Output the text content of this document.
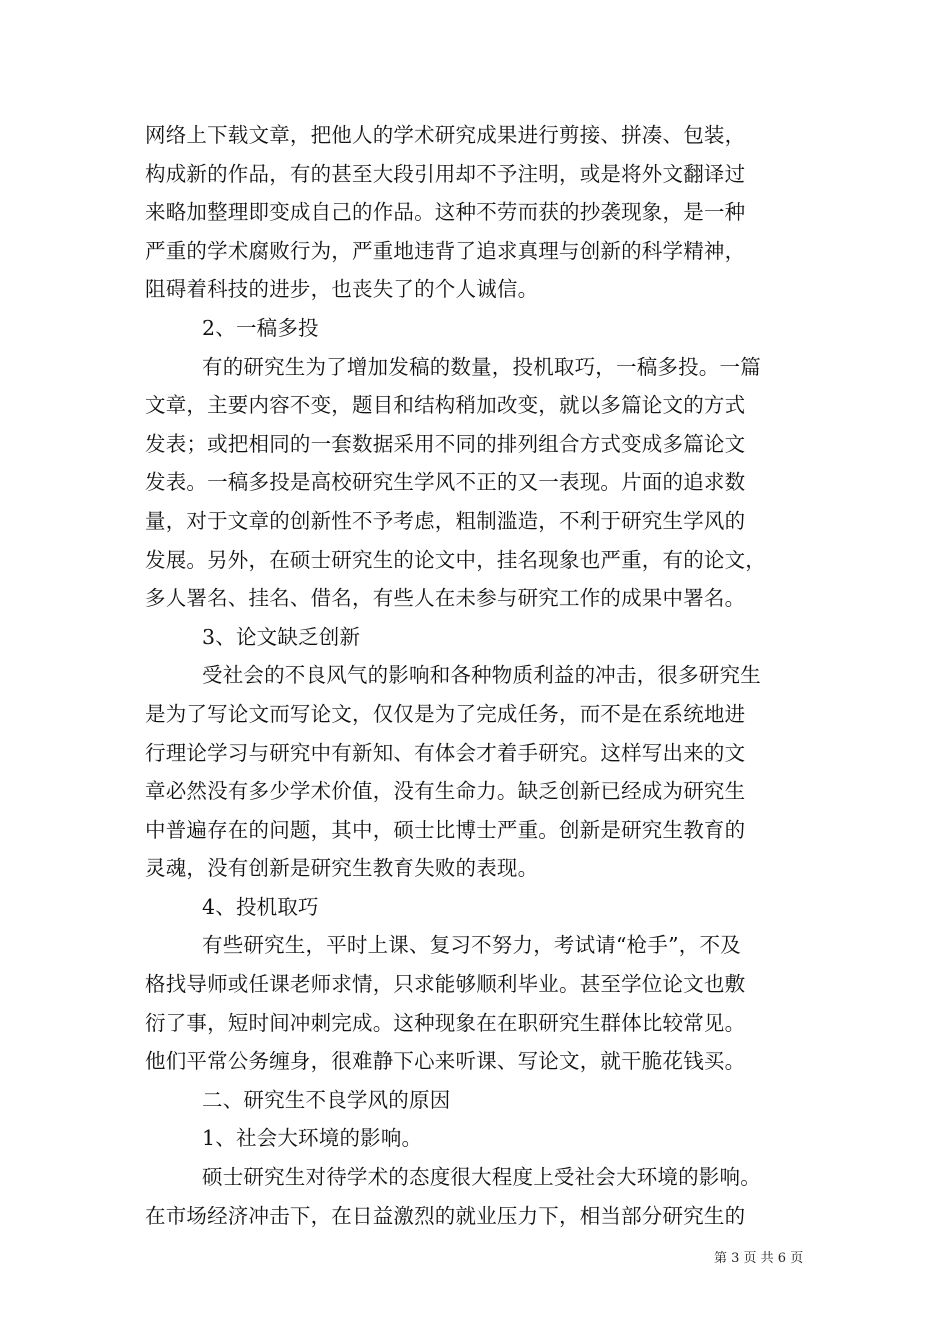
网络上下载文章，把他人的学术研究成果进行剪接、拼凑、包装，
构成新的作品，有的甚至大段引用却不予注明，或是将外文翻译过
来略加整理即变成自己的作品。这种不劳而获的抄袭现象，是一种
严重的学术腐败行为，严重地违背了追求真理与创新的科学精神，
阻碍着科技的进步，也丧失了的个人诚信。
2、一稿多投
有的研究生为了增加发稿的数量，投机取巧，一稿多投。一篇
文章，主要内容不变，题目和结构稍加改变，就以多篇论文的方式
发表；或把相同的一套数据采用不同的排列组合方式变成多篇论文
发表。一稿多投是高校研究生学风不正的又一表现。片面的追求数
量，对于文章的创新性不予考虑，粗制滥造，不利于研究生学风的
发展。另外，在硕士研究生的论文中，挂名现象也严重，有的论文，
多人署名、挂名、借名，有些人在未参与研究工作的成果中署名。
3、论文缺乏创新
受社会的不良风气的影响和各种物质利益的冲击，很多研究生
是为了写论文而写论文，仅仅是为了完成任务，而不是在系统地进
行理论学习与研究中有新知、有体会才着手研究。这样写出来的文
章必然没有多少学术价值，没有生命力。缺乏创新已经成为研究生
中普遍存在的问题，其中，硕士比博士严重。创新是研究生教育的
灵魂，没有创新是研究生教育失败的表现。
4、投机取巧
有些研究生，平时上课、复习不努力，考试请“枪手”，不及
格找导师或任课老师求情，只求能够顺利毕业。甚至学位论文也敷
衍了事，短时间冲刺完成。这种现象在在职研究生群体比较常见。
他们平常公务缠身，很难静下心来听课、写论文，就干脆花钱买。
二、研究生不良学风的原因
1、社会大环境的影响。
硕士研究生对待学术的态度很大程度上受社会大环境的影响。
在市场经济冲击下，在日益激烈的就业压力下，相当部分研究生的
第 3 页 共 6 页
